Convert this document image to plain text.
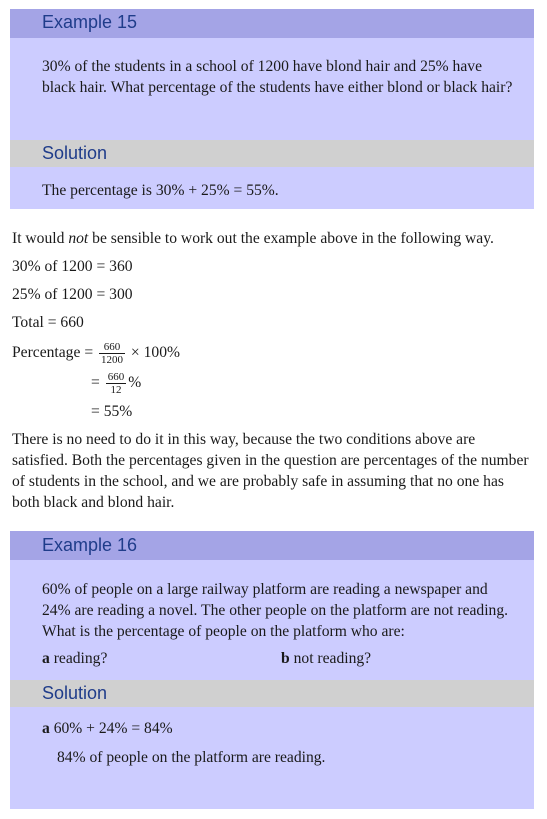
Example 15
30% of the students in a school of 1200 have blond hair and 25% have black hair. What percentage of the students have either blond or black hair?
Solution
The percentage is 30% + 25% = 55%.
It would not be sensible to work out the example above in the following way.
30% of 1200 = 360
25% of 1200 = 300
Total = 660
Percentage = $\frac{660}{1200} \times 100\%$
= $\frac{660}{12}$ %
= 55%
There is no need to do it in this way, because the two conditions above are satisfied. Both the percentages given in the question are percentages of the number of students in the school, and we are probably safe in assuming that no one has both black and blond hair.
Example 16
60% of people on a large railway platform are reading a newspaper and 24% are reading a novel. The other people on the platform are not reading. What is the percentage of people on the platform who are:
a reading?	b not reading?
Solution
a 60% + 24% = 84%
84% of people on the platform are reading.
